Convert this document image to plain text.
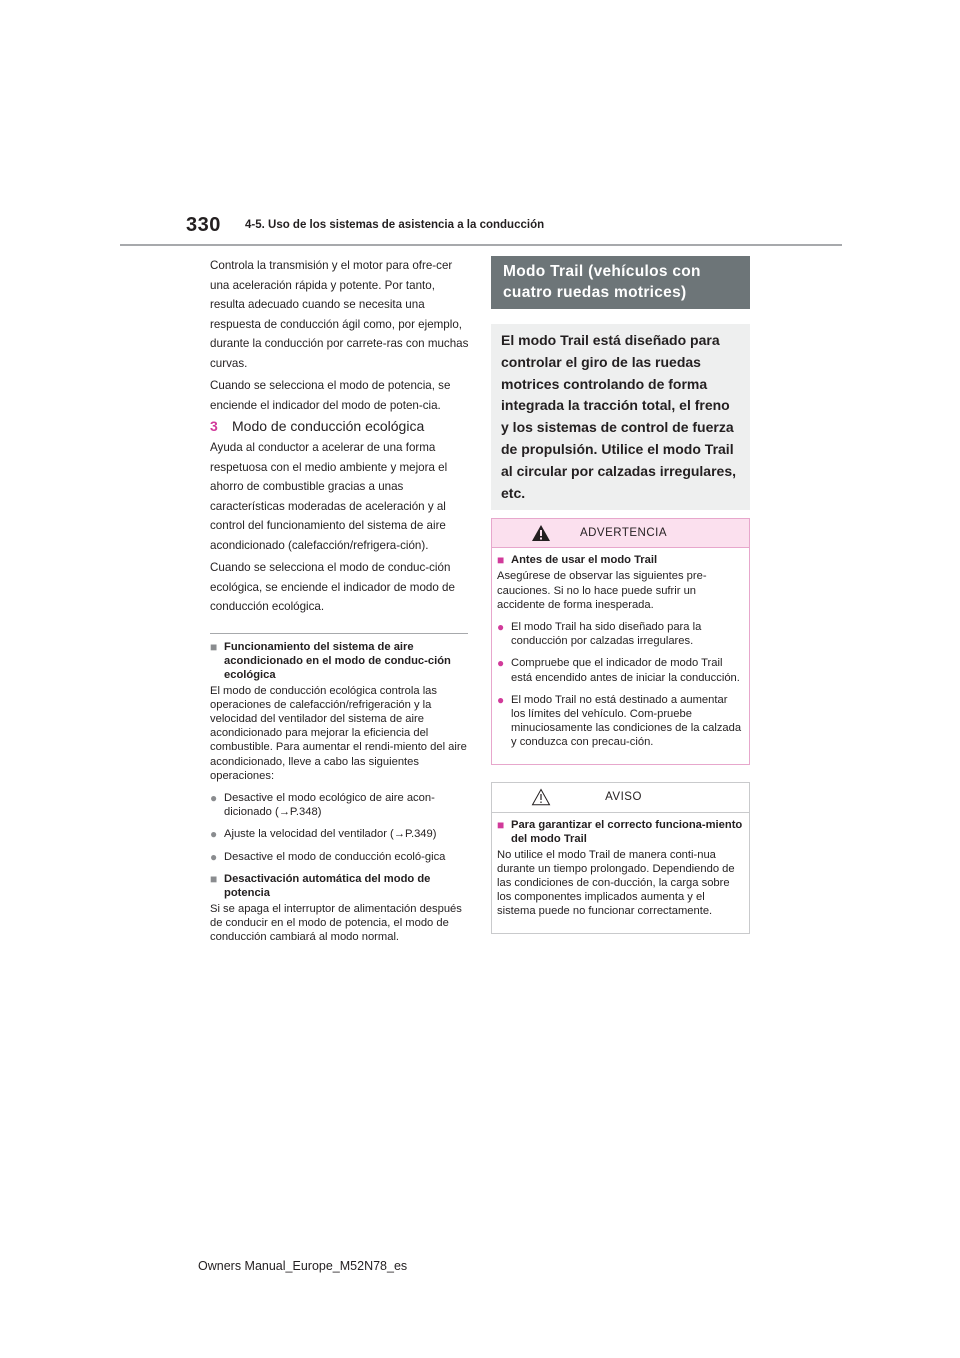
330 4-5. Uso de los sistemas de asistencia a la conducción

Controla la transmisión y el motor para ofre-cer una aceleración rápida y potente. Por tanto, resulta adecuado cuando se necesita una respuesta de conducción ágil como, por ejemplo, durante la conducción por carrete-ras con muchas curvas.

Cuando se selecciona el modo de potencia, se enciende el indicador del modo de poten-cia.

3	Modo de conducción ecológica

Ayuda al conductor a acelerar de una forma respetuosa con el medio ambiente y mejora el ahorro de combustible gracias a unas características moderadas de aceleración y al control del funcionamiento del sistema de aire acondicionado (calefacción/refrigera-ción).

Cuando se selecciona el modo de conduc-ción ecológica, se enciende el indicador de modo de conducción ecológica.

■ Funcionamiento del sistema de aire acondicionado en el modo de conduc-ción ecológica

El modo de conducción ecológica controla las operaciones de calefacción/refrigeración y la velocidad del ventilador del sistema de aire acondicionado para mejorar la eficiencia del combustible. Para aumentar el rendi-miento del aire acondicionado, lleve a cabo las siguientes operaciones:

● Desactive el modo ecológico de aire acon-dicionado (→P.348)
● Ajuste la velocidad del ventilador (→P.349)
● Desactive el modo de conducción ecoló-gica
■ Desactivación automática del modo de potencia

Si se apaga el interruptor de alimentación después de conducir en el modo de potencia, el modo de conducción cambiará al modo normal.

Modo Trail (vehículos con cuatro ruedas motrices)
El modo Trail está diseñado para controlar el giro de las ruedas motrices controlando de forma integrada la tracción total, el freno y los sistemas de control de fuerza de propulsión. Utilice el modo Trail al circular por calzadas irregulares, etc.
ADVERTENCIA
■ Antes de usar el modo Trail

Asegúrese de observar las siguientes pre-cauciones. Si no lo hace puede sufrir un accidente de forma inesperada.

● El modo Trail ha sido diseñado para la conducción por calzadas irregulares.
● Compruebe que el indicador de modo Trail está encendido antes de iniciar la conducción.
● El modo Trail no está destinado a aumentar los límites del vehículo. Com-pruebe minuciosamente las condiciones de la calzada y conduzca con precau-ción.
AVISO
■ Para garantizar el correcto funciona-miento del modo Trail

No utilice el modo Trail de manera conti-nua durante un tiempo prolongado. Dependiendo de las condiciones de con-ducción, la carga sobre los componentes implicados aumenta y el sistema puede no funcionar correctamente.

Owners Manual_Europe_M52N78_es
